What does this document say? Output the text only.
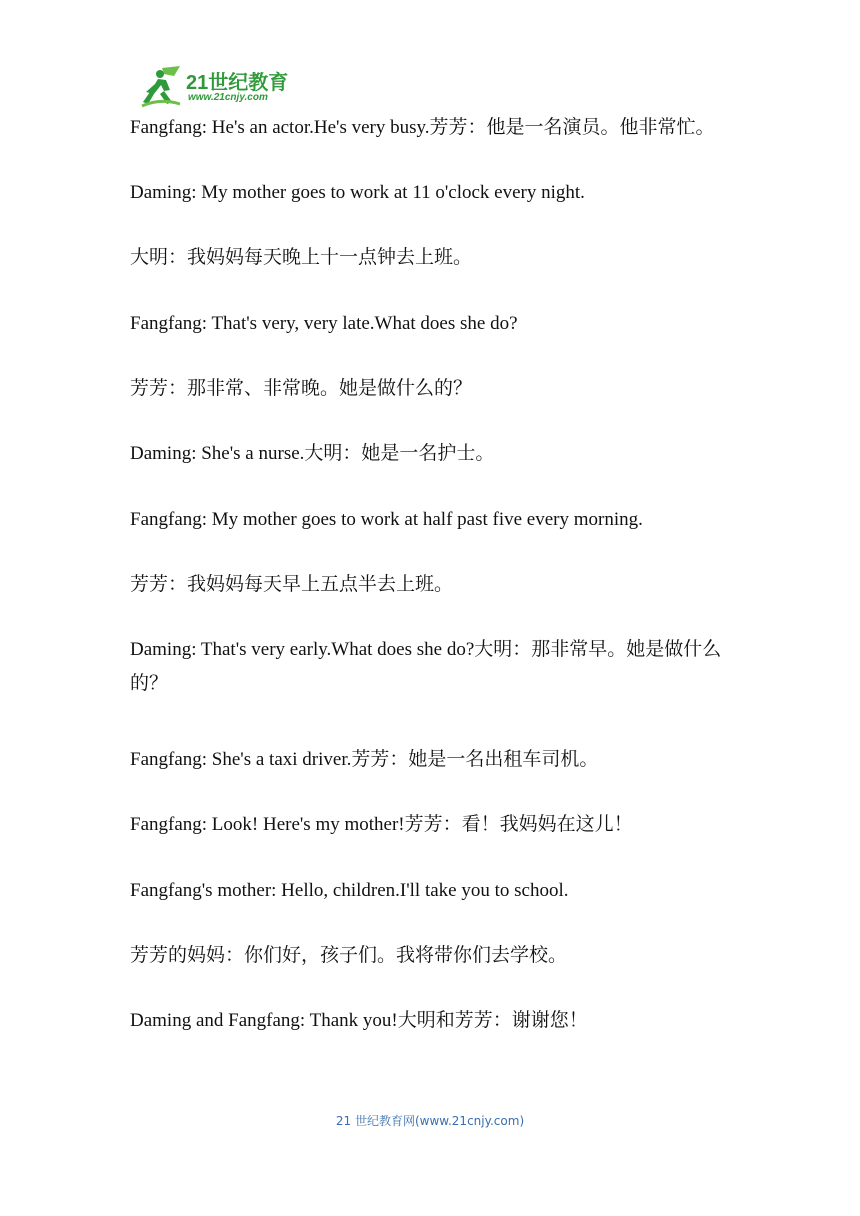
21世纪教育
www.21cnjy.com
Fangfang: He's an actor.He's very busy.芳芳：他是一名演员。他非常忙。
Daming: My mother goes to work at 11 o'clock every night.
大明：我妈妈每天晚上十一点钟去上班。
Fangfang: That's very, very late.What does she do?
芳芳：那非常、非常晚。她是做什么的？
Daming: She's a nurse.大明：她是一名护士。
Fangfang: My mother goes to work at half past five every morning.
芳芳：我妈妈每天早上五点半去上班。
Daming: That's very early.What does she do?大明：那非常早。她是做什么的？
Fangfang: She's a taxi driver.芳芳：她是一名出租车司机。
Fangfang: Look! Here's my mother!芳芳：看！我妈妈在这儿！
Fangfang's mother: Hello, children.I'll take you to school.
芳芳的妈妈：你们好，孩子们。我将带你们去学校。
Daming and Fangfang: Thank you!大明和芳芳：谢谢您！
21 世纪教育网(www.21cnjy.com)
